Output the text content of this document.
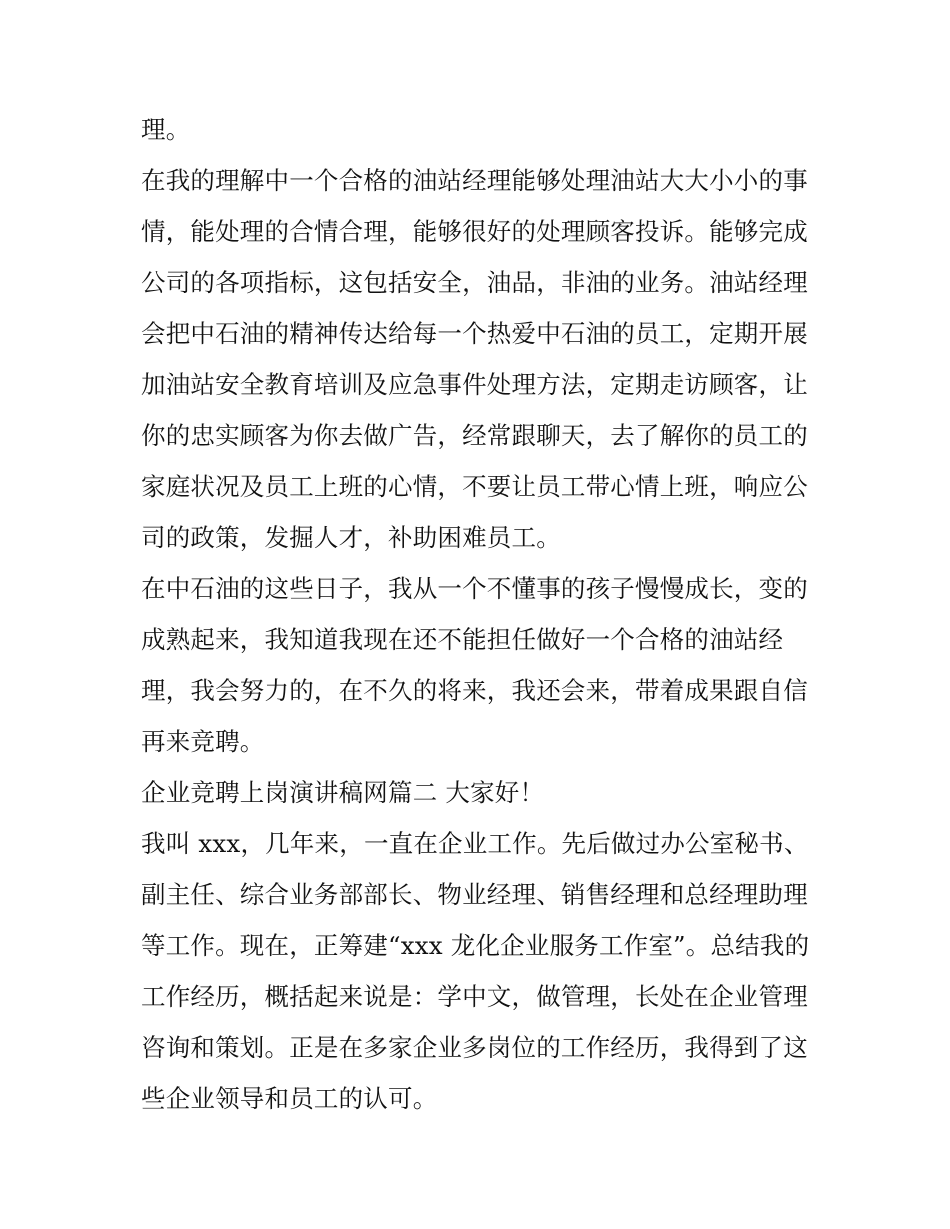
理。
在我的理解中一个合格的油站经理能够处理油站大大小小的事
情，能处理的合情合理，能够很好的处理顾客投诉。能够完成
公司的各项指标，这包括安全，油品，非油的业务。油站经理
会把中石油的精神传达给每一个热爱中石油的员工，定期开展
加油站安全教育培训及应急事件处理方法，定期走访顾客，让
你的忠实顾客为你去做广告，经常跟聊天，去了解你的员工的
家庭状况及员工上班的心情，不要让员工带心情上班，响应公
司的政策，发掘人才，补助困难员工。
在中石油的这些日子，我从一个不懂事的孩子慢慢成长，变的
成熟起来，我知道我现在还不能担任做好一个合格的油站经
理，我会努力的，在不久的将来，我还会来，带着成果跟自信
再来竞聘。
企业竞聘上岗演讲稿网篇二 大家好！
我叫 xxx，几年来，一直在企业工作。先后做过办公室秘书、
副主任、综合业务部部长、物业经理、销售经理和总经理助理
等工作。现在，正筹建“xxx 龙化企业服务工作室”。总结我的
工作经历，概括起来说是：学中文，做管理，长处在企业管理
咨询和策划。正是在多家企业多岗位的工作经历，我得到了这
些企业领导和员工的认可。
